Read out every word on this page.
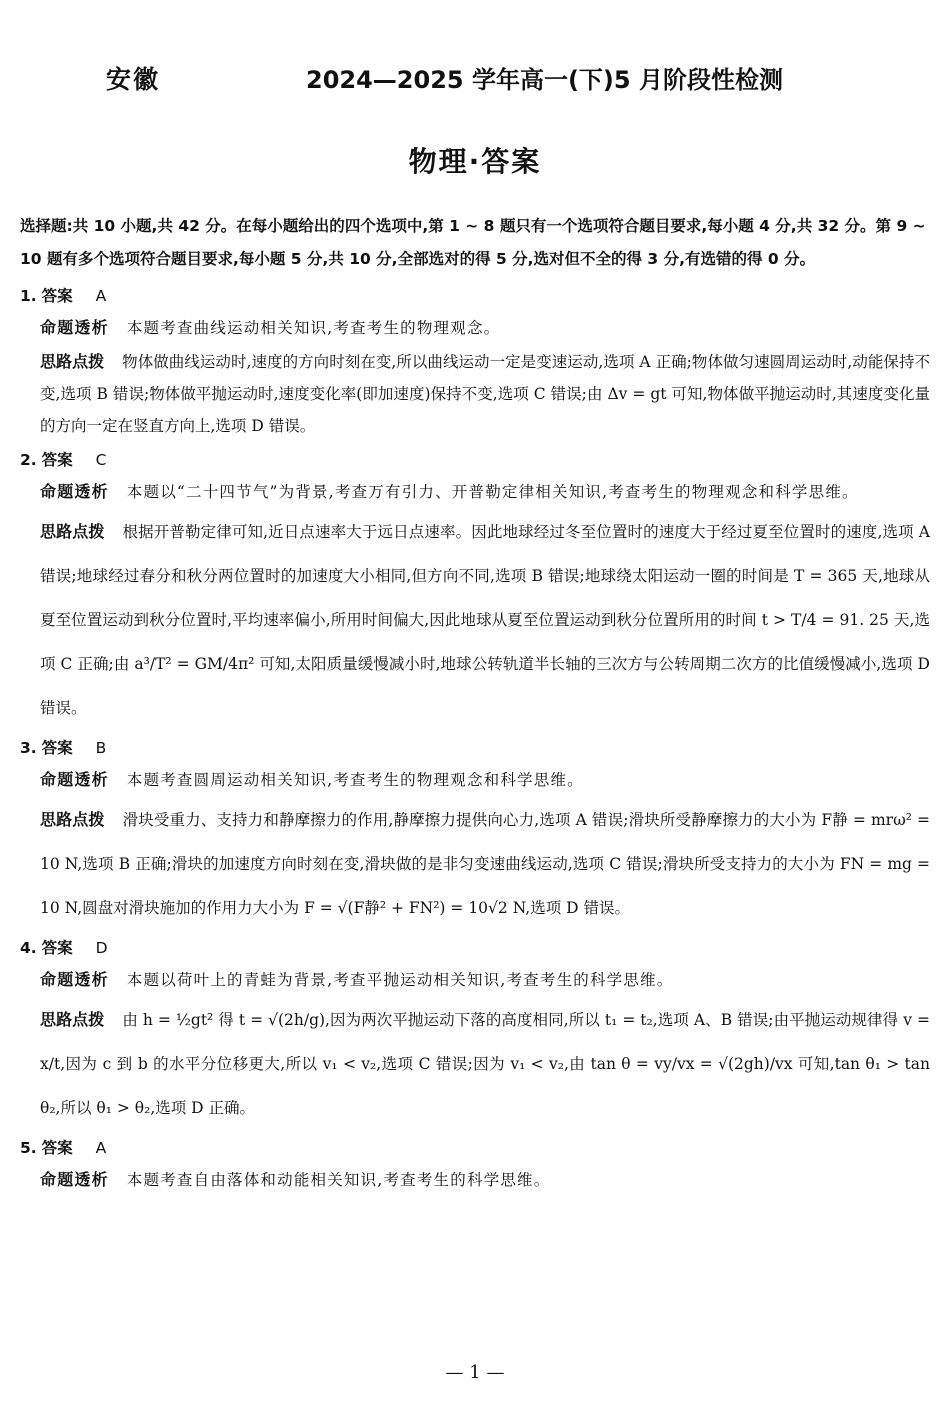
安徽	2024—2025 学年高一(下)5 月阶段性检测
物理·答案

选择题:共 10 小题,共 42 分。在每小题给出的四个选项中,第 1 ~ 8 题只有一个选项符合题目要求,每小题 4 分,共 32 分。第 9 ~ 10 题有多个选项符合题目要求,每小题 5 分,共 10 分,全部选对的得 5 分,选对但不全的得 3 分,有选错的得 0 分。

1. 答案 A

命题透析 本题考查曲线运动相关知识,考查考生的物理观念。

思路点拨 物体做曲线运动时,速度的方向时刻在变,所以曲线运动一定是变速运动,选项 A 正确;物体做匀速圆周运动时,动能保持不变,选项 B 错误;物体做平抛运动时,速度变化率(即加速度)保持不变,选项 C 错误;由 Δv = gt 可知,物体做平抛运动时,其速度变化量的方向一定在竖直方向上,选项 D 错误。

2. 答案 C

命题透析 本题以“二十四节气”为背景,考查万有引力、开普勒定律相关知识,考查考生的物理观念和科学思维。

思路点拨 根据开普勒定律可知,近日点速率大于远日点速率。因此地球经过冬至位置时的速度大于经过夏至位置时的速度,选项 A 错误;地球经过春分和秋分两位置时的加速度大小相同,但方向不同,选项 B 错误;地球绕太阳运动一圈的时间是 T = 365 天,地球从夏至位置运动到秋分位置时,平均速率偏小,所用时间偏大,因此地球从夏至位置运动到秋分位置所用的时间 t > T/4 = 91. 25 天,选项 C 正确;由 a³/T² = GM/4π² 可知,太阳质量缓慢减小时,地球公转轨道半长轴的三次方与公转周期二次方的比值缓慢减小,选项 D 错误。

3. 答案 B

命题透析 本题考查圆周运动相关知识,考查考生的物理观念和科学思维。

思路点拨 滑块受重力、支持力和静摩擦力的作用,静摩擦力提供向心力,选项 A 错误;滑块所受静摩擦力的大小为 F静 = mrω² = 10 N,选项 B 正确;滑块的加速度方向时刻在变,滑块做的是非匀变速曲线运动,选项 C 错误;滑块所受支持力的大小为 FN = mg = 10 N,圆盘对滑块施加的作用力大小为 F = √(F静² + FN²) = 10√2 N,选项 D 错误。

4. 答案 D

命题透析 本题以荷叶上的青蛙为背景,考查平抛运动相关知识,考查考生的科学思维。

思路点拨 由 h = ½gt² 得 t = √(2h/g),因为两次平抛运动下落的高度相同,所以 t₁ = t₂,选项 A、B 错误;由平抛运动规律得 v = x/t,因为 c 到 b 的水平分位移更大,所以 v₁ < v₂,选项 C 错误;因为 v₁ < v₂,由 tan θ = vy/vx = √(2gh)/vx 可知,tan θ₁ > tan θ₂,所以 θ₁ > θ₂,选项 D 正确。

5. 答案 A

命题透析 本题考查自由落体和动能相关知识,考查考生的科学思维。

— 1 —
